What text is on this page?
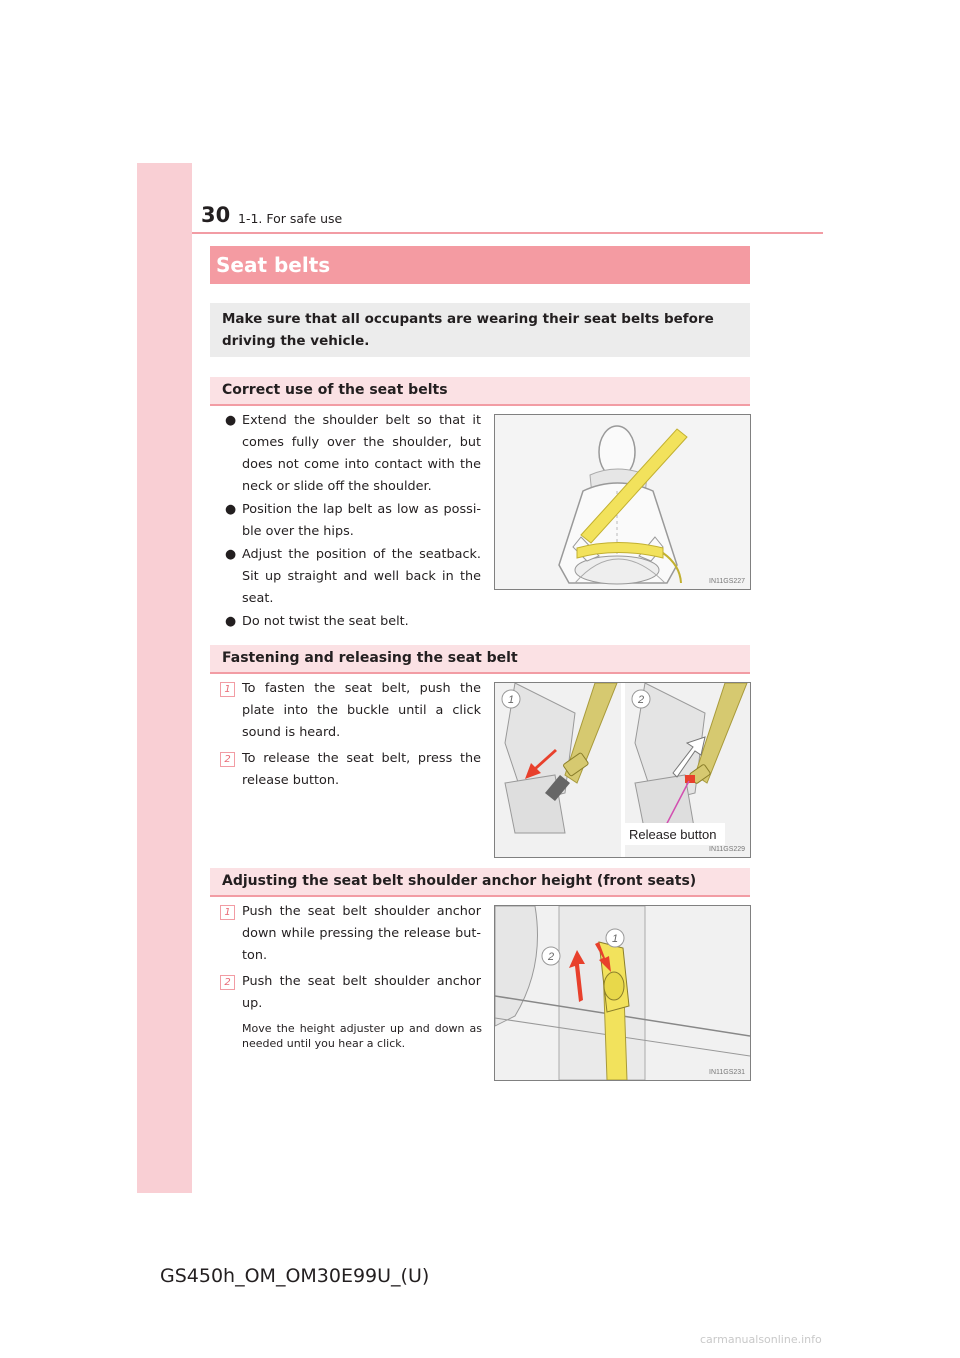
30 1-1. For safe use
Seat belts

Make sure that all occupants are wearing their seat belts before driving the vehicle.

Correct use of the seat belts
● Extend the shoulder belt so that it comes fully over the shoulder, but does not come into contact with the neck or slide off the shoulder.
● Position the lap belt as low as possi-ble over the hips.
● Adjust the position of the seatback. Sit up straight and well back in the seat.
● Do not twist the seat belt.
IN11GS227
Fastening and releasing the seat belt
1 To fasten the seat belt, push the plate into the buckle until a click sound is heard.
2 To release the seat belt, press the release button.
1	2
Release button
IN11GS229
Adjusting the seat belt shoulder anchor height (front seats)
1 Push the seat belt shoulder anchor down while pressing the release but-ton.
2 Push the seat belt shoulder anchor up.
Move the height adjuster up and down as needed until you hear a click.
1
2
IN11GS231
GS450h_OM_OM30E99U_(U)
carmanualsonline.info
